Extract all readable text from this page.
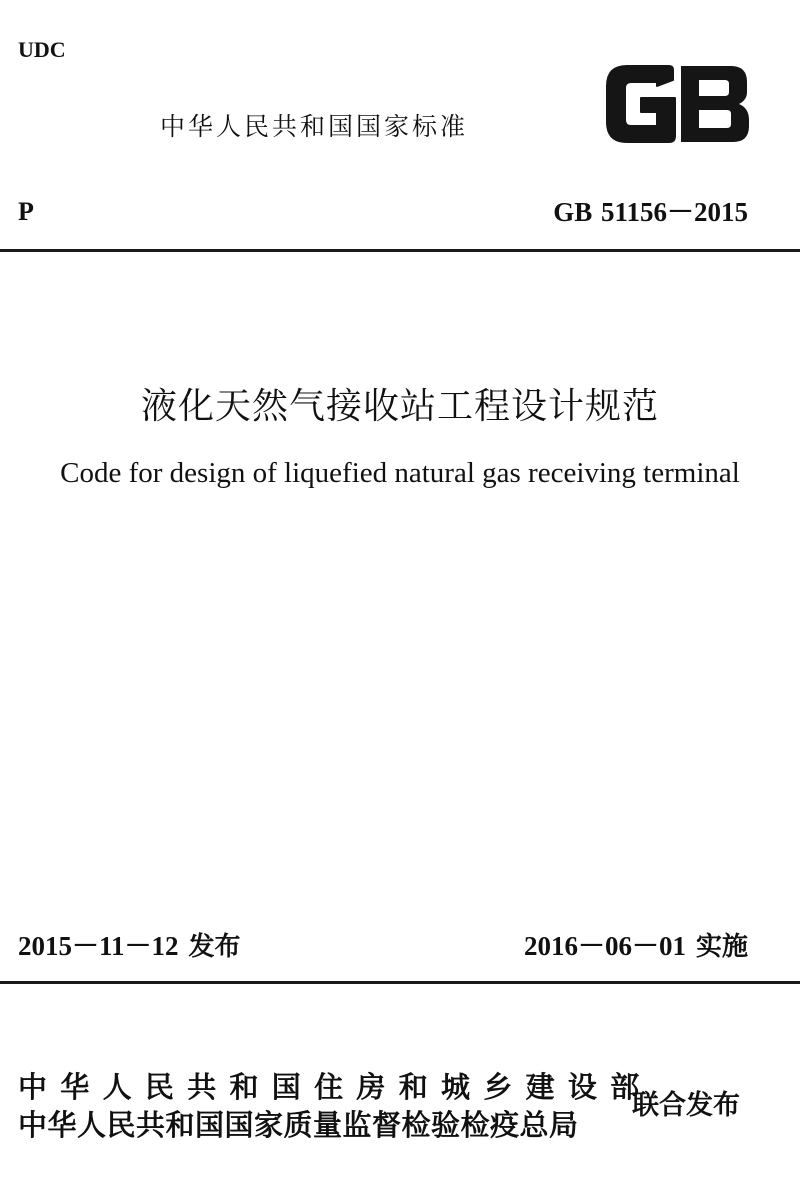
UDC
中华人民共和国国家标准
P	GB 51156－2015
液化天然气接收站工程设计规范
Code for design of liquefied natural gas receiving terminal
2015－11－12 发布	2016－06－01 实施
中华人民共和国住房和城乡建设部
中华人民共和国国家质量监督检验检疫总局
联合发布
